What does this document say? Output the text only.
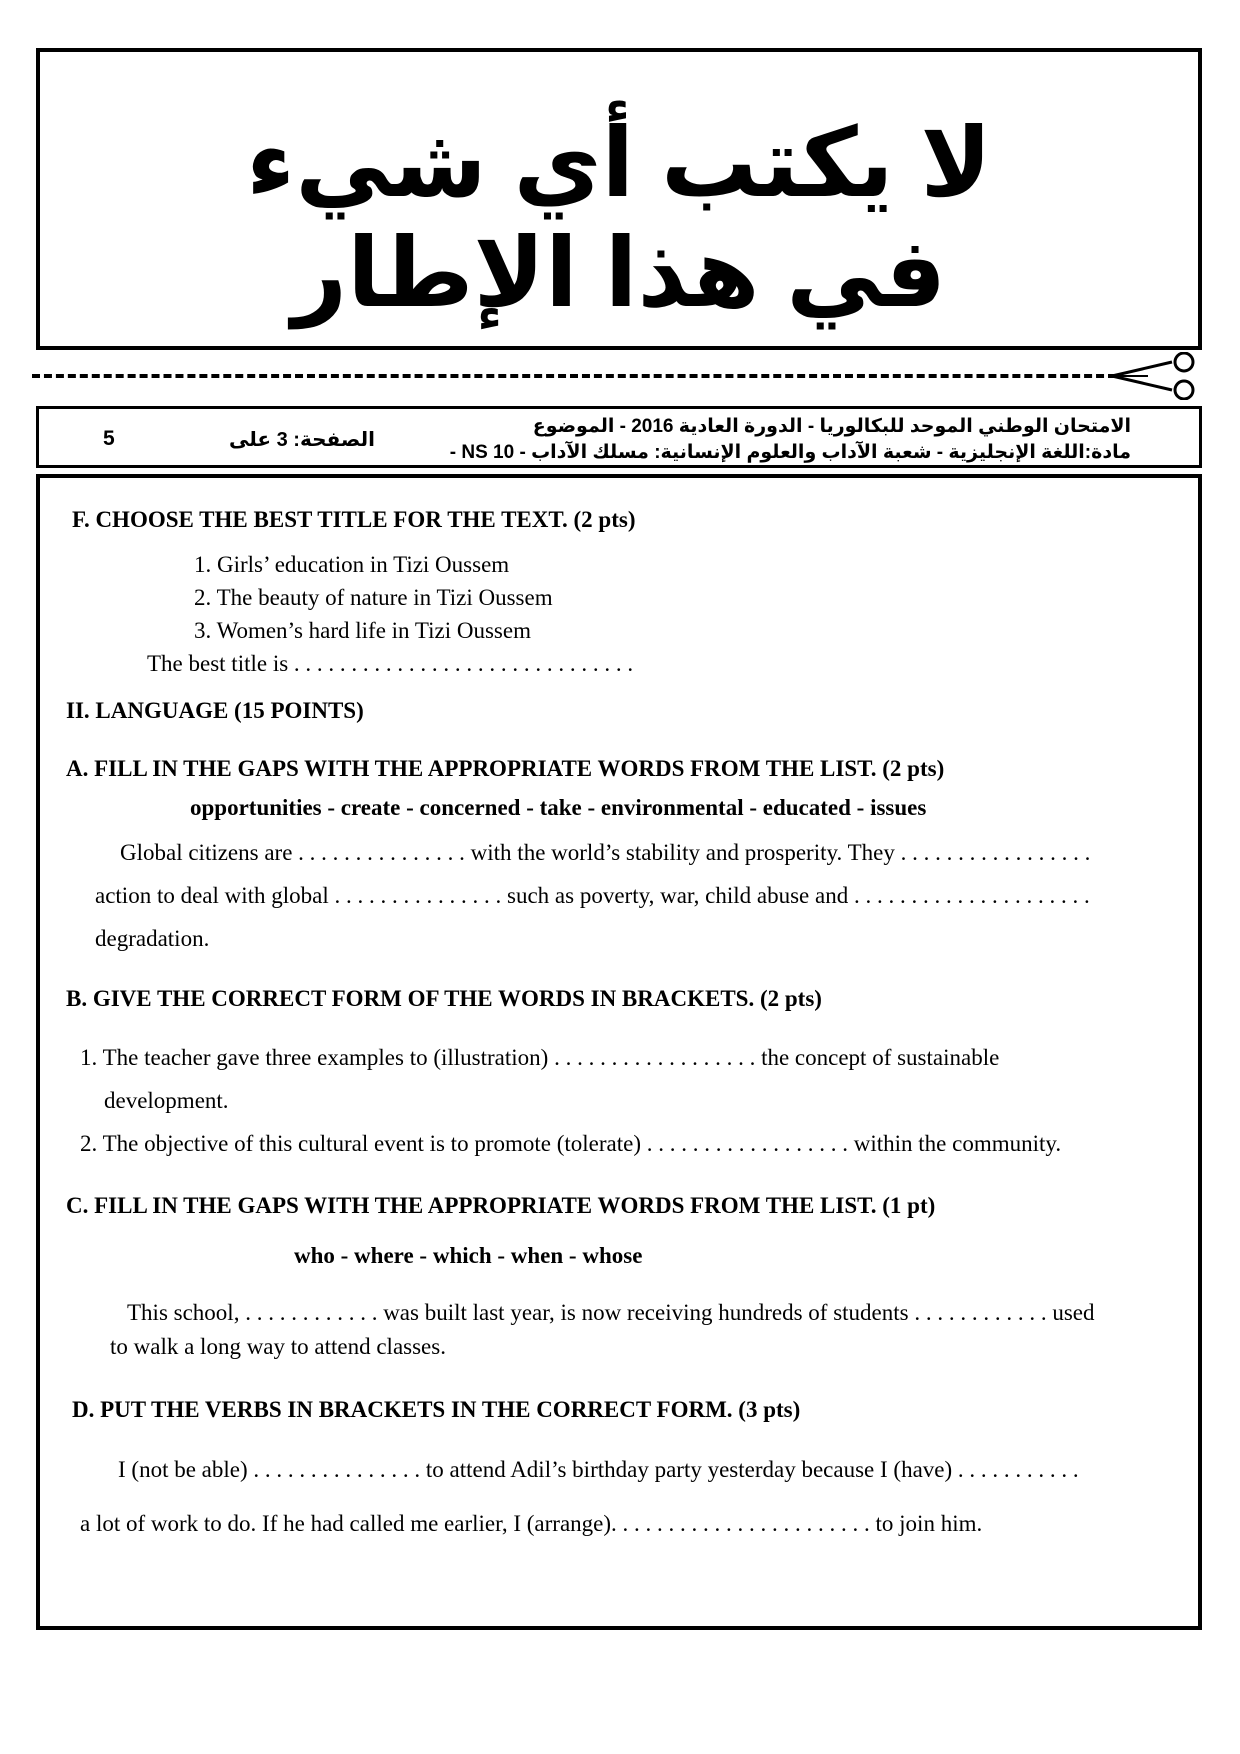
لا يكتب أي شيء
في هذا الإطار
الامتحان الوطني الموحد للبكالوريا - الدورة العادية 2016 - الموضوع
مادة:اللغة الإنجليزية - شعبة الآداب والعلوم الإنسانية: مسلك الآداب - NS 10 -
الصفحة: 3 على
5
F. CHOOSE THE BEST TITLE FOR THE TEXT. (2 pts)
1. Girls’ education in Tizi Oussem
2. The beauty of nature in Tizi Oussem
3. Women’s hard life in Tizi Oussem
The best title is . . . . . . . . . . . . . . . . . . . . . . . . . . . . . .
II. LANGUAGE (15 POINTS)
A. FILL IN THE GAPS WITH THE APPROPRIATE WORDS FROM THE LIST. (2 pts)
opportunities - create - concerned - take - environmental - educated - issues
Global citizens are . . . . . . . . . . . . . . . with the world’s stability and prosperity. They . . . . . . . . . . . . . . . . .
action to deal with global . . . . . . . . . . . . . . . such as poverty, war, child abuse and . . . . . . . . . . . . . . . . . . . . .
degradation.
B. GIVE THE CORRECT FORM OF THE WORDS IN BRACKETS. (2 pts)
1. The teacher gave three examples to (illustration) . . . . . . . . . . . . . . . . . . the concept of sustainable
development.
2. The objective of this cultural event is to promote (tolerate) . . . . . . . . . . . . . . . . . . within the community.
C. FILL IN THE GAPS WITH THE APPROPRIATE WORDS FROM THE LIST. (1 pt)
who - where - which - when - whose
This school, . . . . . . . . . . . . was built last year, is now receiving hundreds of students . . . . . . . . . . . . used
to walk a long way to attend classes.
D. PUT THE VERBS IN BRACKETS IN THE CORRECT FORM. (3 pts)
I (not be able) . . . . . . . . . . . . . . . to attend Adil’s birthday party yesterday because I (have) . . . . . . . . . . .
a lot of work to do. If he had called me earlier, I (arrange). . . . . . . . . . . . . . . . . . . . . . . to join him.
